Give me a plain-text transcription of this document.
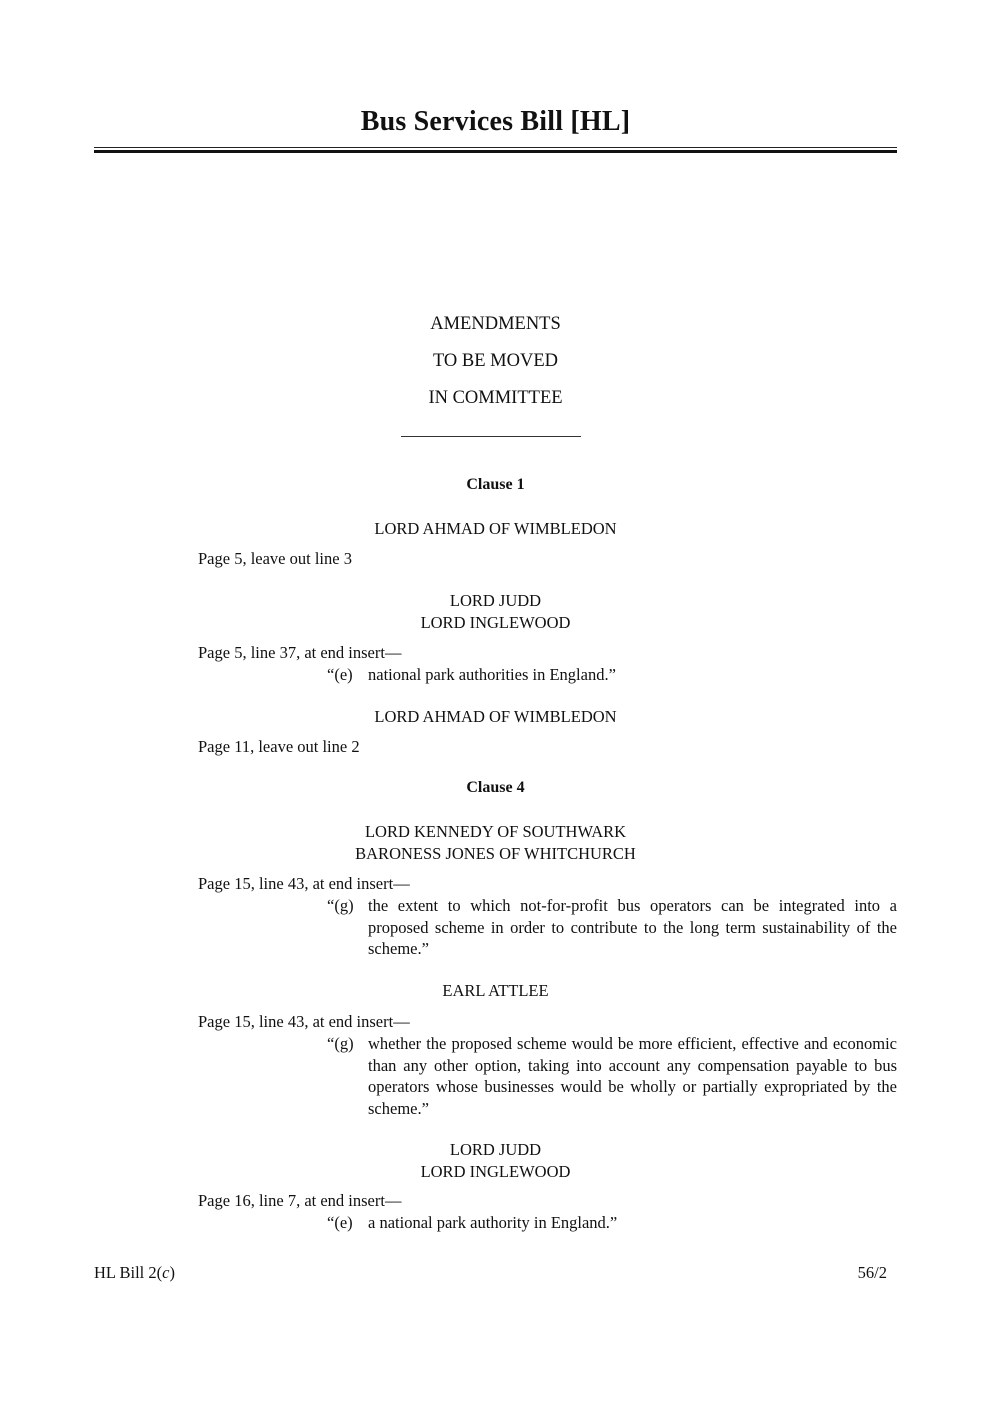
Bus Services Bill [HL]
AMENDMENTS
TO BE MOVED
IN COMMITTEE
Clause 1
LORD AHMAD OF WIMBLEDON
Page 5, leave out line 3
LORD JUDD
LORD INGLEWOOD
Page 5, line 37, at end insert—
“(e) national park authorities in England.”
LORD AHMAD OF WIMBLEDON
Page 11, leave out line 2
Clause 4
LORD KENNEDY OF SOUTHWARK
BARONESS JONES OF WHITCHURCH
Page 15, line 43, at end insert—
“(g) the extent to which not-for-profit bus operators can be integrated into a proposed scheme in order to contribute to the long term sustainability of the scheme.”
EARL ATTLEE
Page 15, line 43, at end insert—
“(g) whether the proposed scheme would be more efficient, effective and economic than any other option, taking into account any compensation payable to bus operators whose businesses would be wholly or partially expropriated by the scheme.”
LORD JUDD
LORD INGLEWOOD
Page 16, line 7, at end insert—
“(e) a national park authority in England.”
HL Bill 2(c)	56/2
